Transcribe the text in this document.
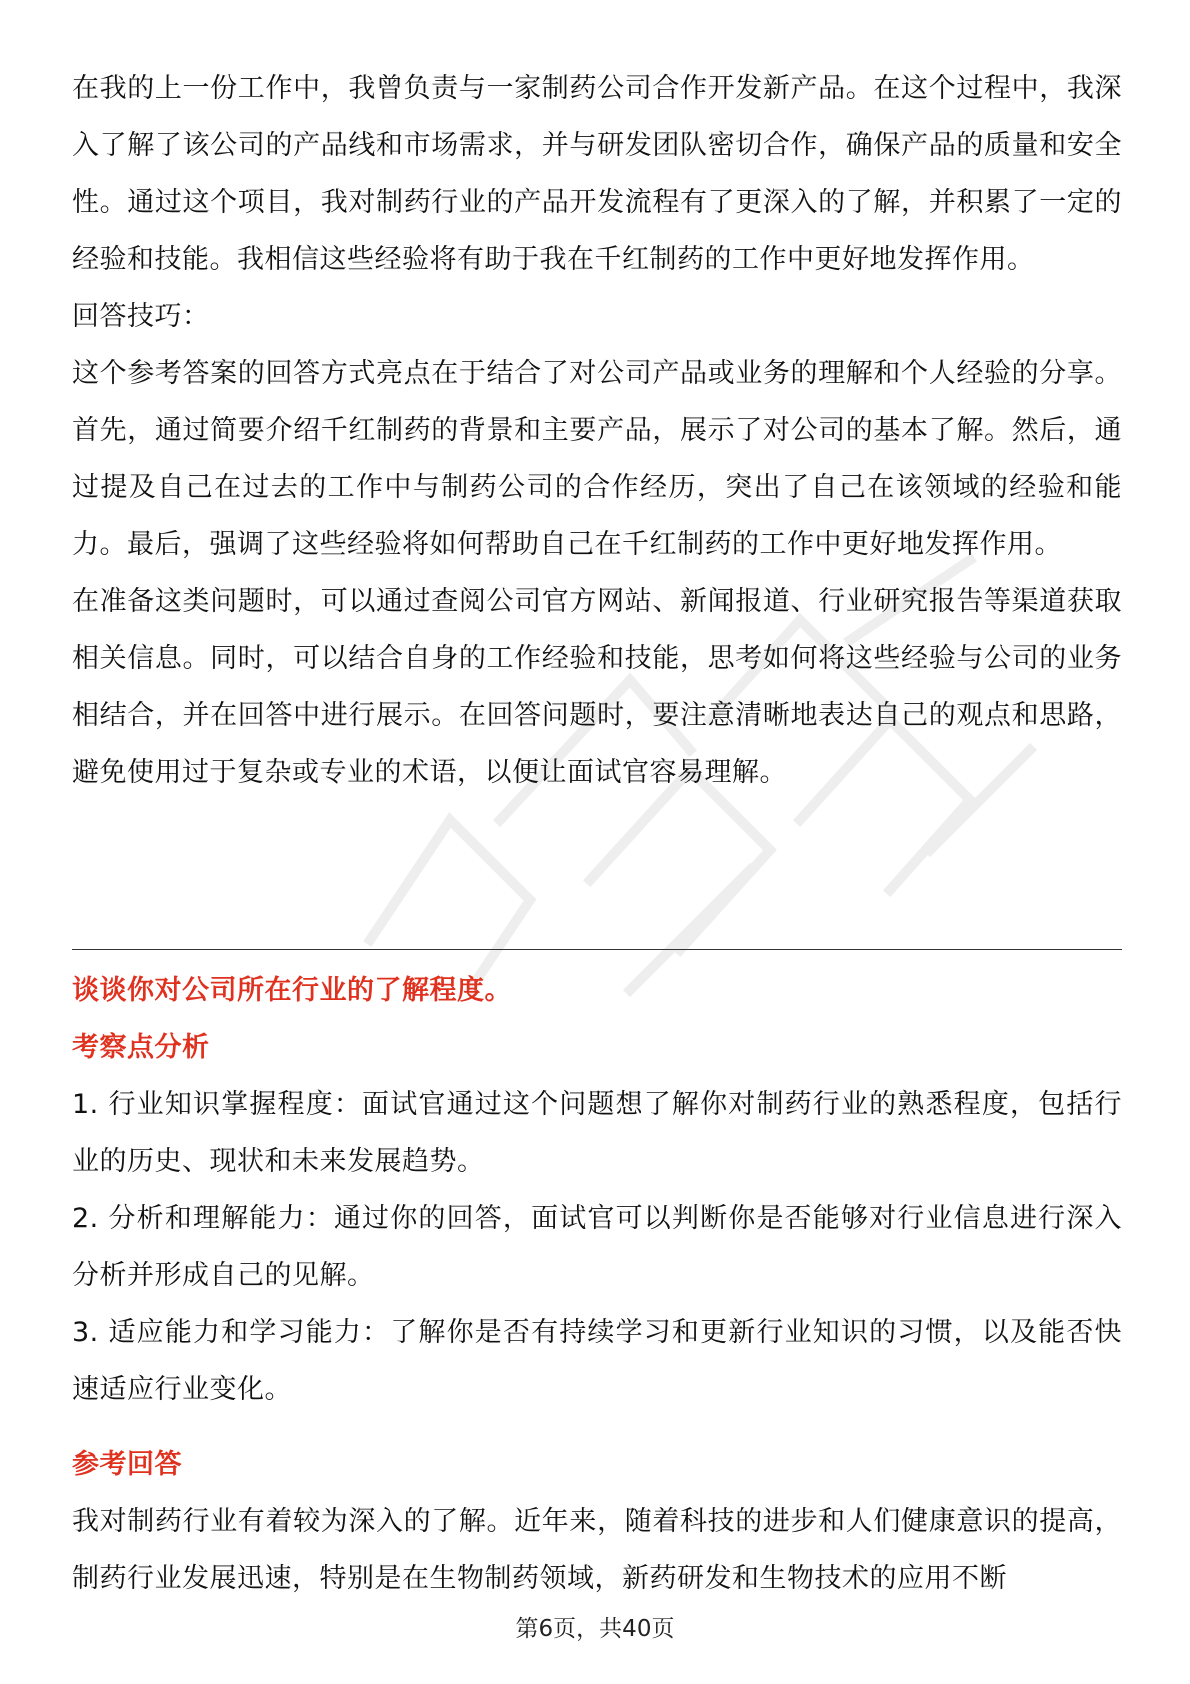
在我的上一份工作中，我曾负责与一家制药公司合作开发新产品。在这个过程中，我深入了解了该公司的产品线和市场需求，并与研发团队密切合作，确保产品的质量和安全性。通过这个项目，我对制药行业的产品开发流程有了更深入的了解，并积累了一定的经验和技能。我相信这些经验将有助于我在千红制药的工作中更好地发挥作用。

回答技巧：

这个参考答案的回答方式亮点在于结合了对公司产品或业务的理解和个人经验的分享。首先，通过简要介绍千红制药的背景和主要产品，展示了对公司的基本了解。然后，通过提及自己在过去的工作中与制药公司的合作经历，突出了自己在该领域的经验和能力。最后，强调了这些经验将如何帮助自己在千红制药的工作中更好地发挥作用。

在准备这类问题时，可以通过查阅公司官方网站、新闻报道、行业研究报告等渠道获取相关信息。同时，可以结合自身的工作经验和技能，思考如何将这些经验与公司的业务相结合，并在回答中进行展示。在回答问题时，要注意清晰地表达自己的观点和思路，避免使用过于复杂或专业的术语，以便让面试官容易理解。

谈谈你对公司所在行业的了解程度。

考察点分析

1. 行业知识掌握程度：面试官通过这个问题想了解你对制药行业的熟悉程度，包括行业的历史、现状和未来发展趋势。

2. 分析和理解能力：通过你的回答，面试官可以判断你是否能够对行业信息进行深入分析并形成自己的见解。

3. 适应能力和学习能力：了解你是否有持续学习和更新行业知识的习惯，以及能否快速适应行业变化。

参考回答

我对制药行业有着较为深入的了解。近年来，随着科技的进步和人们健康意识的提高，制药行业发展迅速，特别是在生物制药领域，新药研发和生物技术的应用不断

第6页，共40页
